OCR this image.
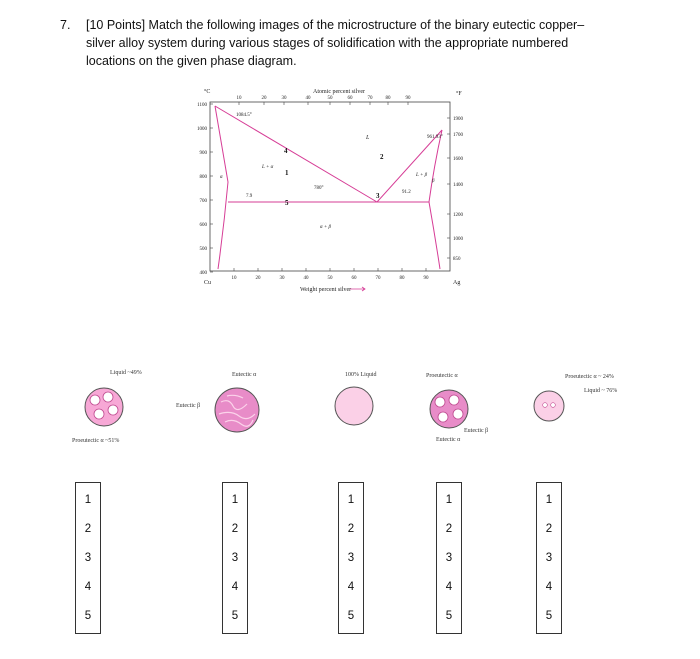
7. [10 Points] Match the following images of the microstructure of the binary eutectic copper–silver alloy system during various stages of solidification with the appropriate numbered locations on the given phase diagram.
Atomic percent silver
°C	°F
10	20	30	40	50	60	70	80	90
1100
1000
900
800
700
600
500
400
1900
1700
1600
1400
1200
1000
850
10	20	30	40	50	60	70	80	90
Cu	Ag
Weight percent silver
1084.5°
961.93°
780°
7.9
91.2
L
L + α
L + β
α + β
α
β
1
2
3
4
5
Liquid ~49%
Proeutectic α ~51%
Eutectic α
Eutectic β
100% Liquid	Proeutectic α
Eutectic β
Eutectic α
Proeutectic α ~ 24%
Liquid ~ 76%
1
2
3
4
5
1
2
3
4
5
1
2
3
4
5
1
2
3
4
5
1
2
3
4
5
